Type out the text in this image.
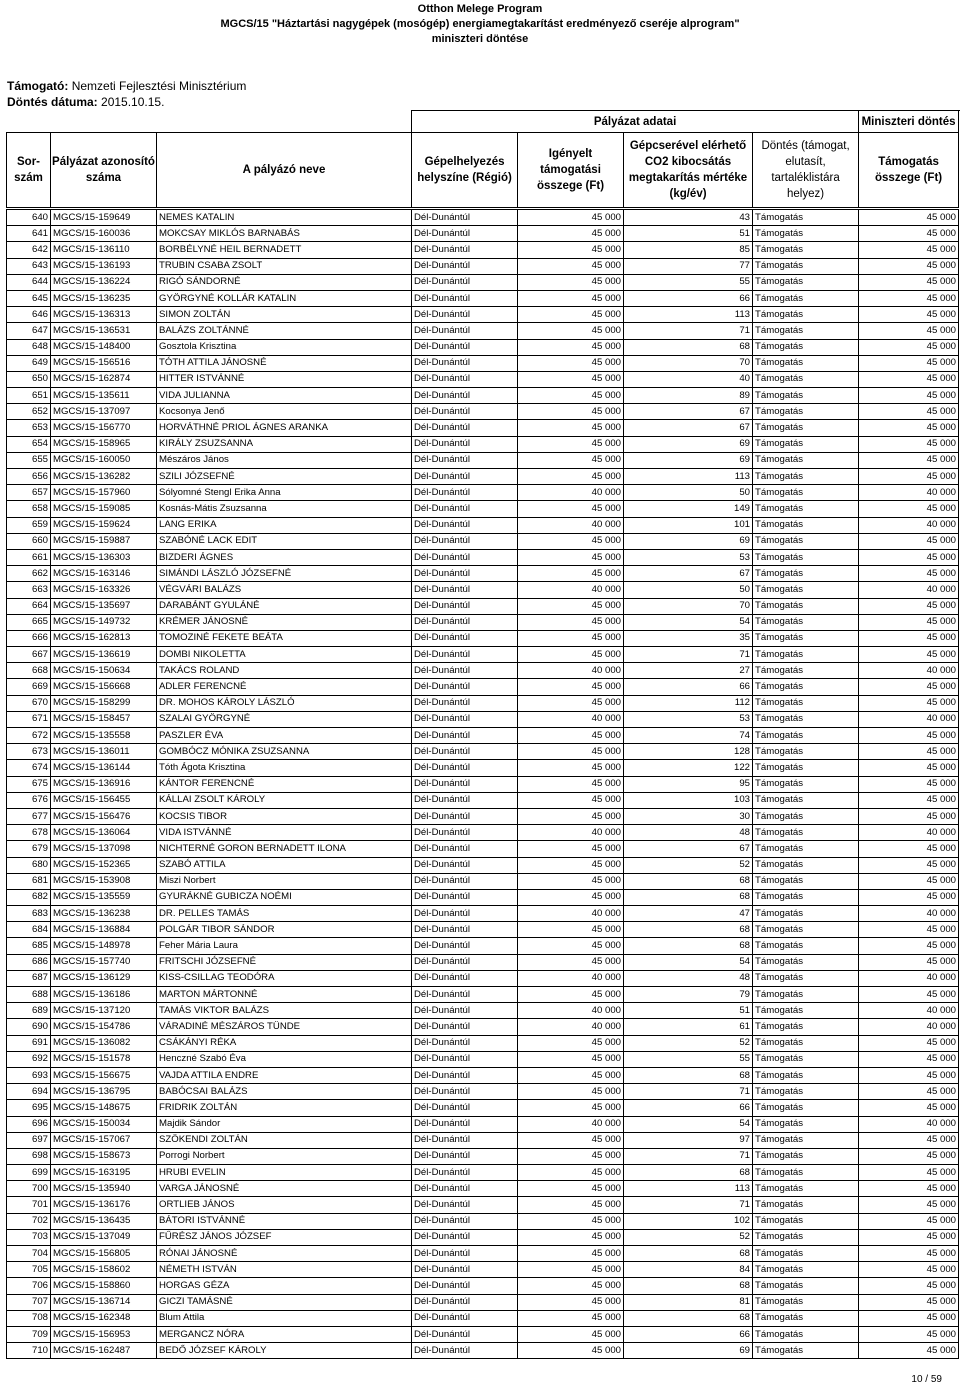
Otthon Melege Program
MGCS/15 "Háztartási nagygépek (mosógép) energiamegtakarítást eredményező cseréje alprogram"
miniszteri döntése
Támogató: Nemzeti Fejlesztési Minisztérium
Döntés dátuma: 2015.10.15.
			Pályázat adatai				Miniszteri döntés
Sor-szám	Pályázat azonosító száma	A pályázó neve	Gépelhelyezés helyszíne (Régió)	Igényelt támogatási összege (Ft)	Gépcserével elérhető CO2 kibocsátás megtakarítás mértéke (kg/év)	Döntés (támogat, elutasít, tartaléklistára helyez)	Támogatás összege (Ft)
640	MGCS/15-159649	NEMES KATALIN	Dél-Dunántúl	45 000	43	Támogatás	45 000
641	MGCS/15-160036	MOKCSAY MIKLÓS BARNABÁS	Dél-Dunántúl	45 000	51	Támogatás	45 000
642	MGCS/15-136110	BORBÉLYNÉ HEIL BERNADETT	Dél-Dunántúl	45 000	85	Támogatás	45 000
643	MGCS/15-136193	TRUBIN CSABA ZSOLT	Dél-Dunántúl	45 000	77	Támogatás	45 000
644	MGCS/15-136224	RIGÓ SÁNDORNÉ	Dél-Dunántúl	45 000	55	Támogatás	45 000
645	MGCS/15-136235	GYÖRGYNÉ KOLLÁR KATALIN	Dél-Dunántúl	45 000	66	Támogatás	45 000
646	MGCS/15-136313	SIMON ZOLTÁN	Dél-Dunántúl	45 000	113	Támogatás	45 000
647	MGCS/15-136531	BALÁZS ZOLTÁNNÉ	Dél-Dunántúl	45 000	71	Támogatás	45 000
648	MGCS/15-148400	Gosztola Krisztina	Dél-Dunántúl	45 000	68	Támogatás	45 000
649	MGCS/15-156516	TÓTH ATTILA JÁNOSNÉ	Dél-Dunántúl	45 000	70	Támogatás	45 000
650	MGCS/15-162874	HITTER ISTVÁNNÉ	Dél-Dunántúl	45 000	40	Támogatás	45 000
651	MGCS/15-135611	VIDA JULIANNA	Dél-Dunántúl	45 000	89	Támogatás	45 000
652	MGCS/15-137097	Kocsonya Jenő	Dél-Dunántúl	45 000	67	Támogatás	45 000
653	MGCS/15-156770	HORVÁTHNÉ PRIOL ÁGNES ARANKA	Dél-Dunántúl	45 000	67	Támogatás	45 000
654	MGCS/15-158965	KIRÁLY ZSUZSANNA	Dél-Dunántúl	45 000	69	Támogatás	45 000
655	MGCS/15-160050	Mészáros János	Dél-Dunántúl	45 000	69	Támogatás	45 000
656	MGCS/15-136282	SZILI JÓZSEFNÉ	Dél-Dunántúl	45 000	113	Támogatás	45 000
657	MGCS/15-157960	Sólyomné Stengl Erika Anna	Dél-Dunántúl	40 000	50	Támogatás	40 000
658	MGCS/15-159085	Kosnás-Mátis Zsuzsanna	Dél-Dunántúl	45 000	149	Támogatás	45 000
659	MGCS/15-159624	LANG ERIKA	Dél-Dunántúl	40 000	101	Támogatás	40 000
660	MGCS/15-159887	SZABÓNÉ LACK EDIT	Dél-Dunántúl	45 000	69	Támogatás	45 000
661	MGCS/15-136303	BIZDERI ÁGNES	Dél-Dunántúl	45 000	53	Támogatás	45 000
662	MGCS/15-163146	SIMÁNDI LÁSZLÓ JÓZSEFNÉ	Dél-Dunántúl	45 000	67	Támogatás	45 000
663	MGCS/15-163326	VÉGVÁRI BALÁZS	Dél-Dunántúl	40 000	50	Támogatás	40 000
664	MGCS/15-135697	DARABÁNT GYULÁNÉ	Dél-Dunántúl	45 000	70	Támogatás	45 000
665	MGCS/15-149732	KRÉMER JÁNOSNÉ	Dél-Dunántúl	45 000	54	Támogatás	45 000
666	MGCS/15-162813	TOMOZINÉ FEKETE BEÁTA	Dél-Dunántúl	45 000	35	Támogatás	45 000
667	MGCS/15-136619	DOMBI NIKOLETTA	Dél-Dunántúl	45 000	71	Támogatás	45 000
668	MGCS/15-150634	TAKÁCS ROLAND	Dél-Dunántúl	40 000	27	Támogatás	40 000
669	MGCS/15-156668	ADLER FERENCNÉ	Dél-Dunántúl	45 000	66	Támogatás	45 000
670	MGCS/15-158299	DR. MOHOS KÁROLY LÁSZLÓ	Dél-Dunántúl	45 000	112	Támogatás	45 000
671	MGCS/15-158457	SZALAI GYÖRGYNÉ	Dél-Dunántúl	40 000	53	Támogatás	40 000
672	MGCS/15-135558	PASZLER ÉVA	Dél-Dunántúl	45 000	74	Támogatás	45 000
673	MGCS/15-136011	GOMBÓCZ MÓNIKA ZSUZSANNA	Dél-Dunántúl	45 000	128	Támogatás	45 000
674	MGCS/15-136144	Tóth Ágota Krisztina	Dél-Dunántúl	45 000	122	Támogatás	45 000
675	MGCS/15-136916	KÁNTOR FERENCNÉ	Dél-Dunántúl	45 000	95	Támogatás	45 000
676	MGCS/15-156455	KÁLLAI ZSOLT KÁROLY	Dél-Dunántúl	45 000	103	Támogatás	45 000
677	MGCS/15-156476	KOCSIS TIBOR	Dél-Dunántúl	45 000	30	Támogatás	45 000
678	MGCS/15-136064	VIDA ISTVÁNNÉ	Dél-Dunántúl	40 000	48	Támogatás	40 000
679	MGCS/15-137098	NICHTERNÉ GORON BERNADETT ILONA	Dél-Dunántúl	45 000	67	Támogatás	45 000
680	MGCS/15-152365	SZABÓ ATTILA	Dél-Dunántúl	45 000	52	Támogatás	45 000
681	MGCS/15-153908	Miszi Norbert	Dél-Dunántúl	45 000	68	Támogatás	45 000
682	MGCS/15-135559	GYURÁKNÉ GUBICZA NOÉMI	Dél-Dunántúl	45 000	68	Támogatás	45 000
683	MGCS/15-136238	DR. PELLES TAMÁS	Dél-Dunántúl	40 000	47	Támogatás	40 000
684	MGCS/15-136884	POLGÁR TIBOR SÁNDOR	Dél-Dunántúl	45 000	68	Támogatás	45 000
685	MGCS/15-148978	Feher Mária Laura	Dél-Dunántúl	45 000	68	Támogatás	45 000
686	MGCS/15-157740	FRITSCHI JÓZSEFNÉ	Dél-Dunántúl	45 000	54	Támogatás	45 000
687	MGCS/15-136129	KISS-CSILLAG TEODÓRA	Dél-Dunántúl	40 000	48	Támogatás	40 000
688	MGCS/15-136186	MARTON MÁRTONNÉ	Dél-Dunántúl	45 000	79	Támogatás	45 000
689	MGCS/15-137120	TAMÁS VIKTOR BALÁZS	Dél-Dunántúl	40 000	51	Támogatás	40 000
690	MGCS/15-154786	VÁRADINÉ MÉSZÁROS TÜNDE	Dél-Dunántúl	40 000	61	Támogatás	40 000
691	MGCS/15-136082	CSÁKÁNYI RÉKA	Dél-Dunántúl	45 000	52	Támogatás	45 000
692	MGCS/15-151578	Henczné Szabó Éva	Dél-Dunántúl	45 000	55	Támogatás	45 000
693	MGCS/15-156675	VAJDA ATTILA ENDRE	Dél-Dunántúl	45 000	68	Támogatás	45 000
694	MGCS/15-136795	BABÓCSAI BALÁZS	Dél-Dunántúl	45 000	71	Támogatás	45 000
695	MGCS/15-148675	FRIDRIK ZOLTÁN	Dél-Dunántúl	45 000	66	Támogatás	45 000
696	MGCS/15-150034	Majdik Sándor	Dél-Dunántúl	40 000	54	Támogatás	40 000
697	MGCS/15-157067	SZÖKENDI ZOLTÁN	Dél-Dunántúl	45 000	97	Támogatás	45 000
698	MGCS/15-158673	Porrogi Norbert	Dél-Dunántúl	45 000	71	Támogatás	45 000
699	MGCS/15-163195	HRUBI EVELIN	Dél-Dunántúl	45 000	68	Támogatás	45 000
700	MGCS/15-135940	VARGA JÁNOSNÉ	Dél-Dunántúl	45 000	113	Támogatás	45 000
701	MGCS/15-136176	ORTLIEB JÁNOS	Dél-Dunántúl	45 000	71	Támogatás	45 000
702	MGCS/15-136435	BÁTORI ISTVÁNNÉ	Dél-Dunántúl	45 000	102	Támogatás	45 000
703	MGCS/15-137049	FŰRÉSZ JÁNOS JÓZSEF	Dél-Dunántúl	45 000	52	Támogatás	45 000
704	MGCS/15-156805	RÓNAI JÁNOSNÉ	Dél-Dunántúl	45 000	68	Támogatás	45 000
705	MGCS/15-158602	NÉMETH ISTVÁN	Dél-Dunántúl	45 000	84	Támogatás	45 000
706	MGCS/15-158860	HORGAS GÉZA	Dél-Dunántúl	45 000	68	Támogatás	45 000
707	MGCS/15-136714	GICZI TAMÁSNÉ	Dél-Dunántúl	45 000	81	Támogatás	45 000
708	MGCS/15-162348	Blum Attila	Dél-Dunántúl	45 000	68	Támogatás	45 000
709	MGCS/15-156953	MERGANCZ NÓRA	Dél-Dunántúl	45 000	66	Támogatás	45 000
710	MGCS/15-162487	BEDŐ JÓZSEF KÁROLY	Dél-Dunántúl	45 000	69	Támogatás	45 000
10 / 59
